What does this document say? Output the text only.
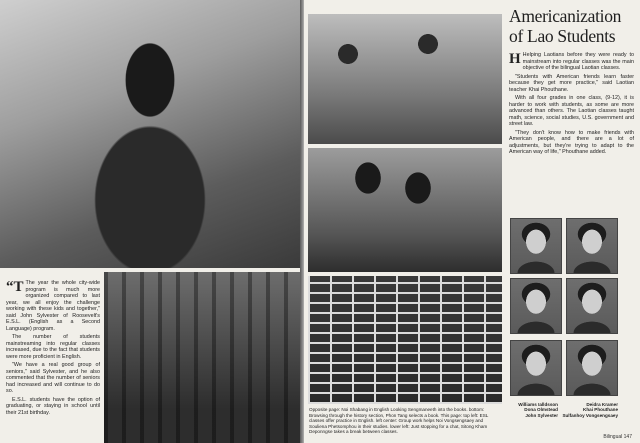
“T The year the whole city-wide program is much more organized compared to last year, we all enjoy the challenge working with these kids and together," said John Sylvester of Roosevelt's E.S.L. (English as a Second Language) program.

The number of students mainstreaming into regular classes increased, due to the fact that students were more proficient in English.

"We have a real good group of seniors," said Sylvester, and he also commented that the number of seniors had increased and will continue to do so.

E.S.L. students have the option of graduating, or staying in school until their 21st birthday.

Williams Ialldsson
Dona Olmstead
John Sylvester
Deidra Kramer
Khai Phouthane
Sulfanhoy Vongsengsaey
Bilingual 147
Americanization of Lao Students

H Helping Laotians before they were ready to mainstream into regular classes was the main objective of the bilingual Laotian classes.

"Students with American friends learn faster because they get more practice," said Laotian teacher Khai Phouthane.

With all four grades in one class, (9-12), it is harder to work with students, as some are more advanced than others. The Laotian classes taught math, science, social studies, U.S. government and street law.

"They don't know how to make friends with American people, and there are a lot of adjustments, but they're trying to adapt to the American way of life," Phouthane added.

Opposite page: Noi Shabang in English Looking Sengmaneeth into the books. bottom: Browsing through the history section, Phon Tang selects a book. This page: top left: ESL classes offer practice in English. left center: Group work helps Noi Vongsengsaey and Souliena Phetsomphou in their studies. lower left: Just stopping for a chat, Sitong Kham Deponngse takes a break between classes.
